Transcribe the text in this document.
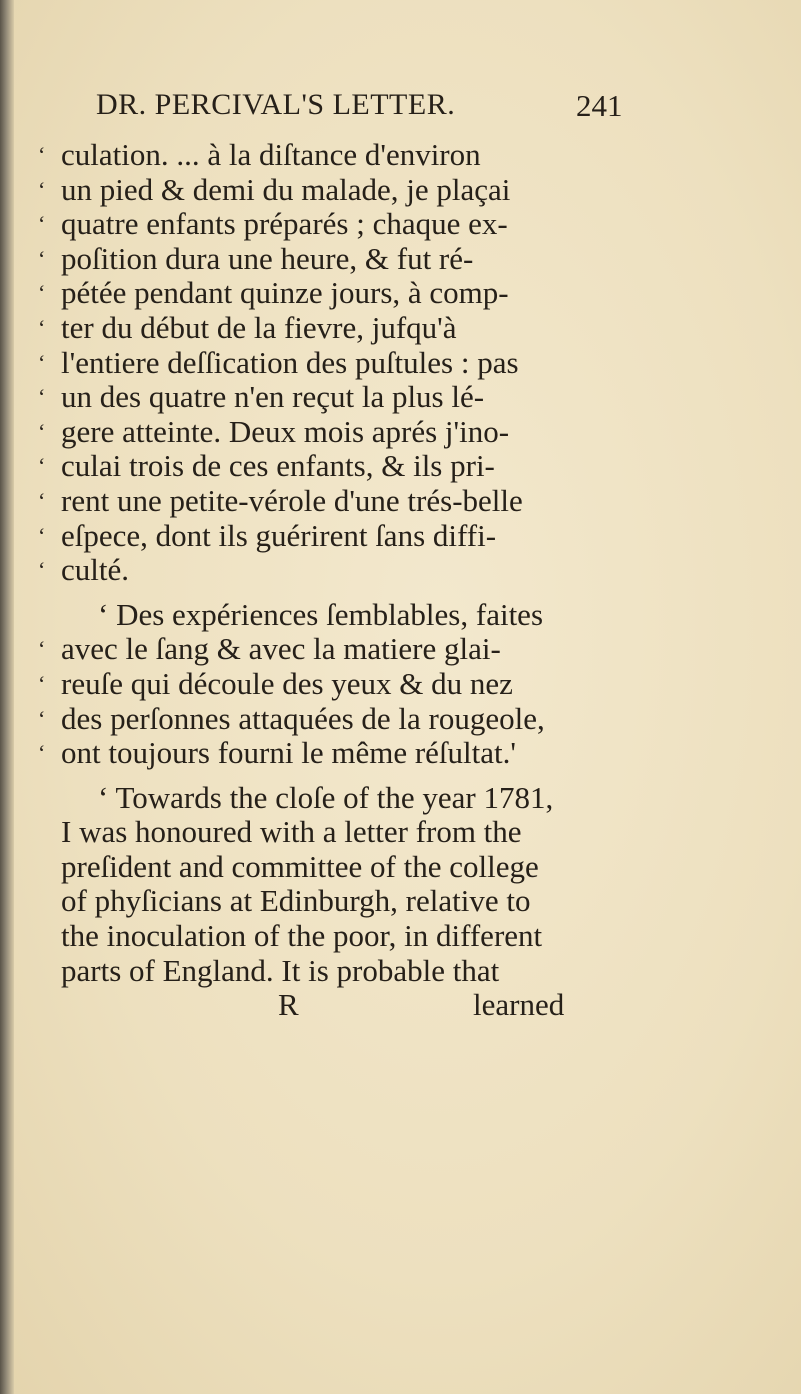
DR. PERCIVAL'S LETTER.	241
‘ culation. ... à la diſtance d'environ
‘ un pied & demi du malade, je plaçai
‘ quatre enfants préparés ; chaque ex-
‘ poſition dura une heure, & fut ré-
‘ pétée pendant quinze jours, à comp-
‘ ter du début de la fievre, jufqu'à
‘ l'entiere deſſication des puſtules : pas
‘ un des quatre n'en reçut la plus lé-
‘ gere atteinte. Deux mois aprés j'ino-
‘ culai trois de ces enfants, & ils pri-
‘ rent une petite-vérole d'une trés-belle
‘ eſpece, dont ils guérirent ſans diffi-
‘ culté.
‘ Des expériences ſemblables, faites
‘ avec le ſang & avec la matiere glai-
‘ reuſe qui découle des yeux & du nez
‘ des perſonnes attaquées de la rougeole,
‘ ont toujours fourni le même réſultat.'
‘ Towards the cloſe of the year 1781,
I was honoured with a letter from the
preſident and committee of the college
of phyſicians at Edinburgh, relative to
the inoculation of the poor, in different
parts of England. It is probable that
R	learned
